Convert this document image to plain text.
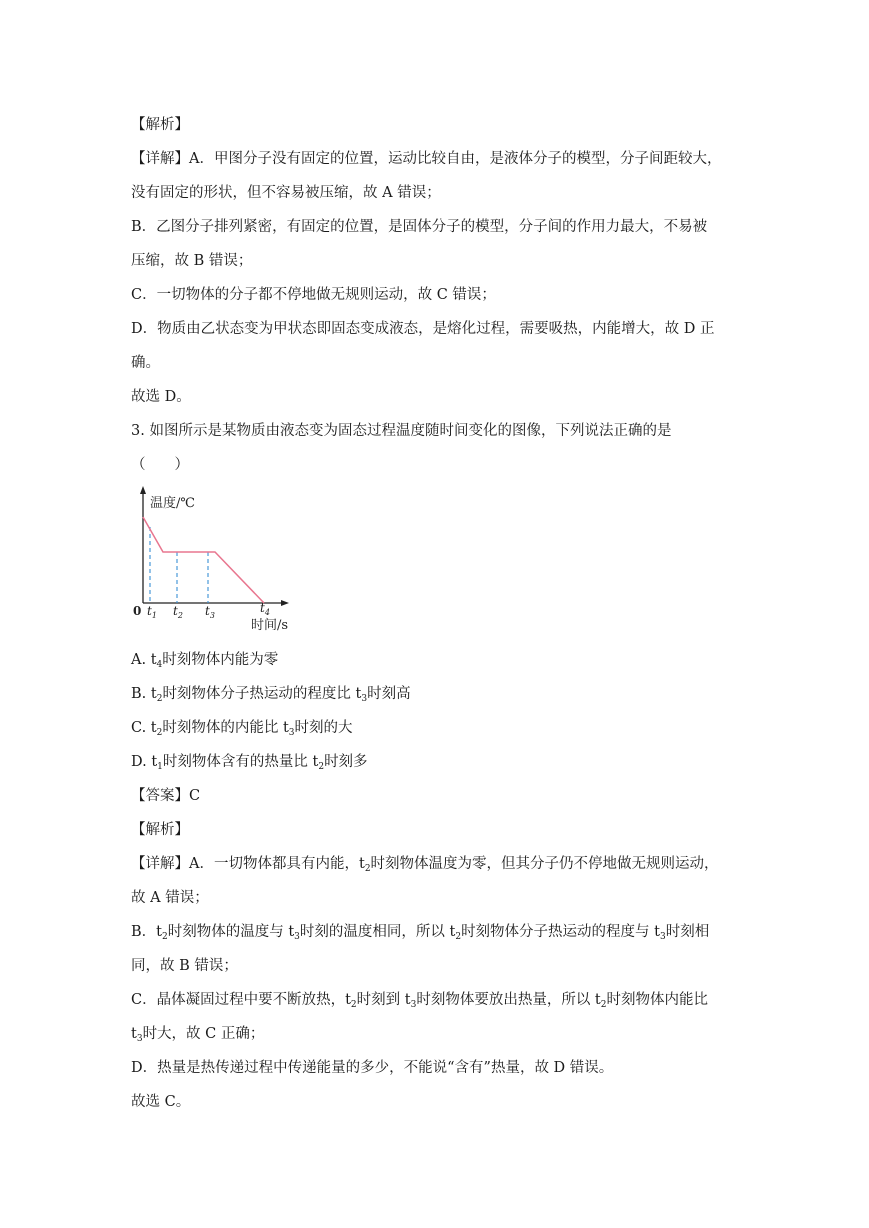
【解析】
【详解】A．甲图分子没有固定的位置，运动比较自由，是液体分子的模型，分子间距较大，
没有固定的形状，但不容易被压缩，故 A 错误；
B．乙图分子排列紧密，有固定的位置，是固体分子的模型，分子间的作用力最大，不易被
压缩，故 B 错误；
C．一切物体的分子都不停地做无规则运动，故 C 错误；
D．物质由乙状态变为甲状态即固态变成液态，是熔化过程，需要吸热，内能增大，故 D 正
确。
故选 D。
3. 如图所示是某物质由液态变为固态过程温度随时间变化的图像，下列说法正确的是
（　　）
温度/℃
0 $t_1$ $t_2$ $t_3$
$t_4$
时间/s
A. $t_4$时刻物体内能为零
B. $t_2$时刻物体分子热运动的程度比 $t_3$时刻高
C. $t_2$时刻物体的内能比 $t_3$时刻的大
D. $t_1$时刻物体含有的热量比 $t_2$时刻多
【答案】C
【解析】
【详解】A．一切物体都具有内能，$t_2$时刻物体温度为零，但其分子仍不停地做无规则运动，
故 A 错误；
B．$t_2$时刻物体的温度与 $t_3$时刻的温度相同，所以 $t_2$时刻物体分子热运动的程度与 $t_3$时刻相
同，故 B 错误；
C．晶体凝固过程中要不断放热，$t_2$时刻到 $t_3$时刻物体要放出热量，所以 $t_2$时刻物体内能比
$t_3$时大，故 C 正确；
D．热量是热传递过程中传递能量的多少，不能说“含有”热量，故 D 错误。
故选 C。
